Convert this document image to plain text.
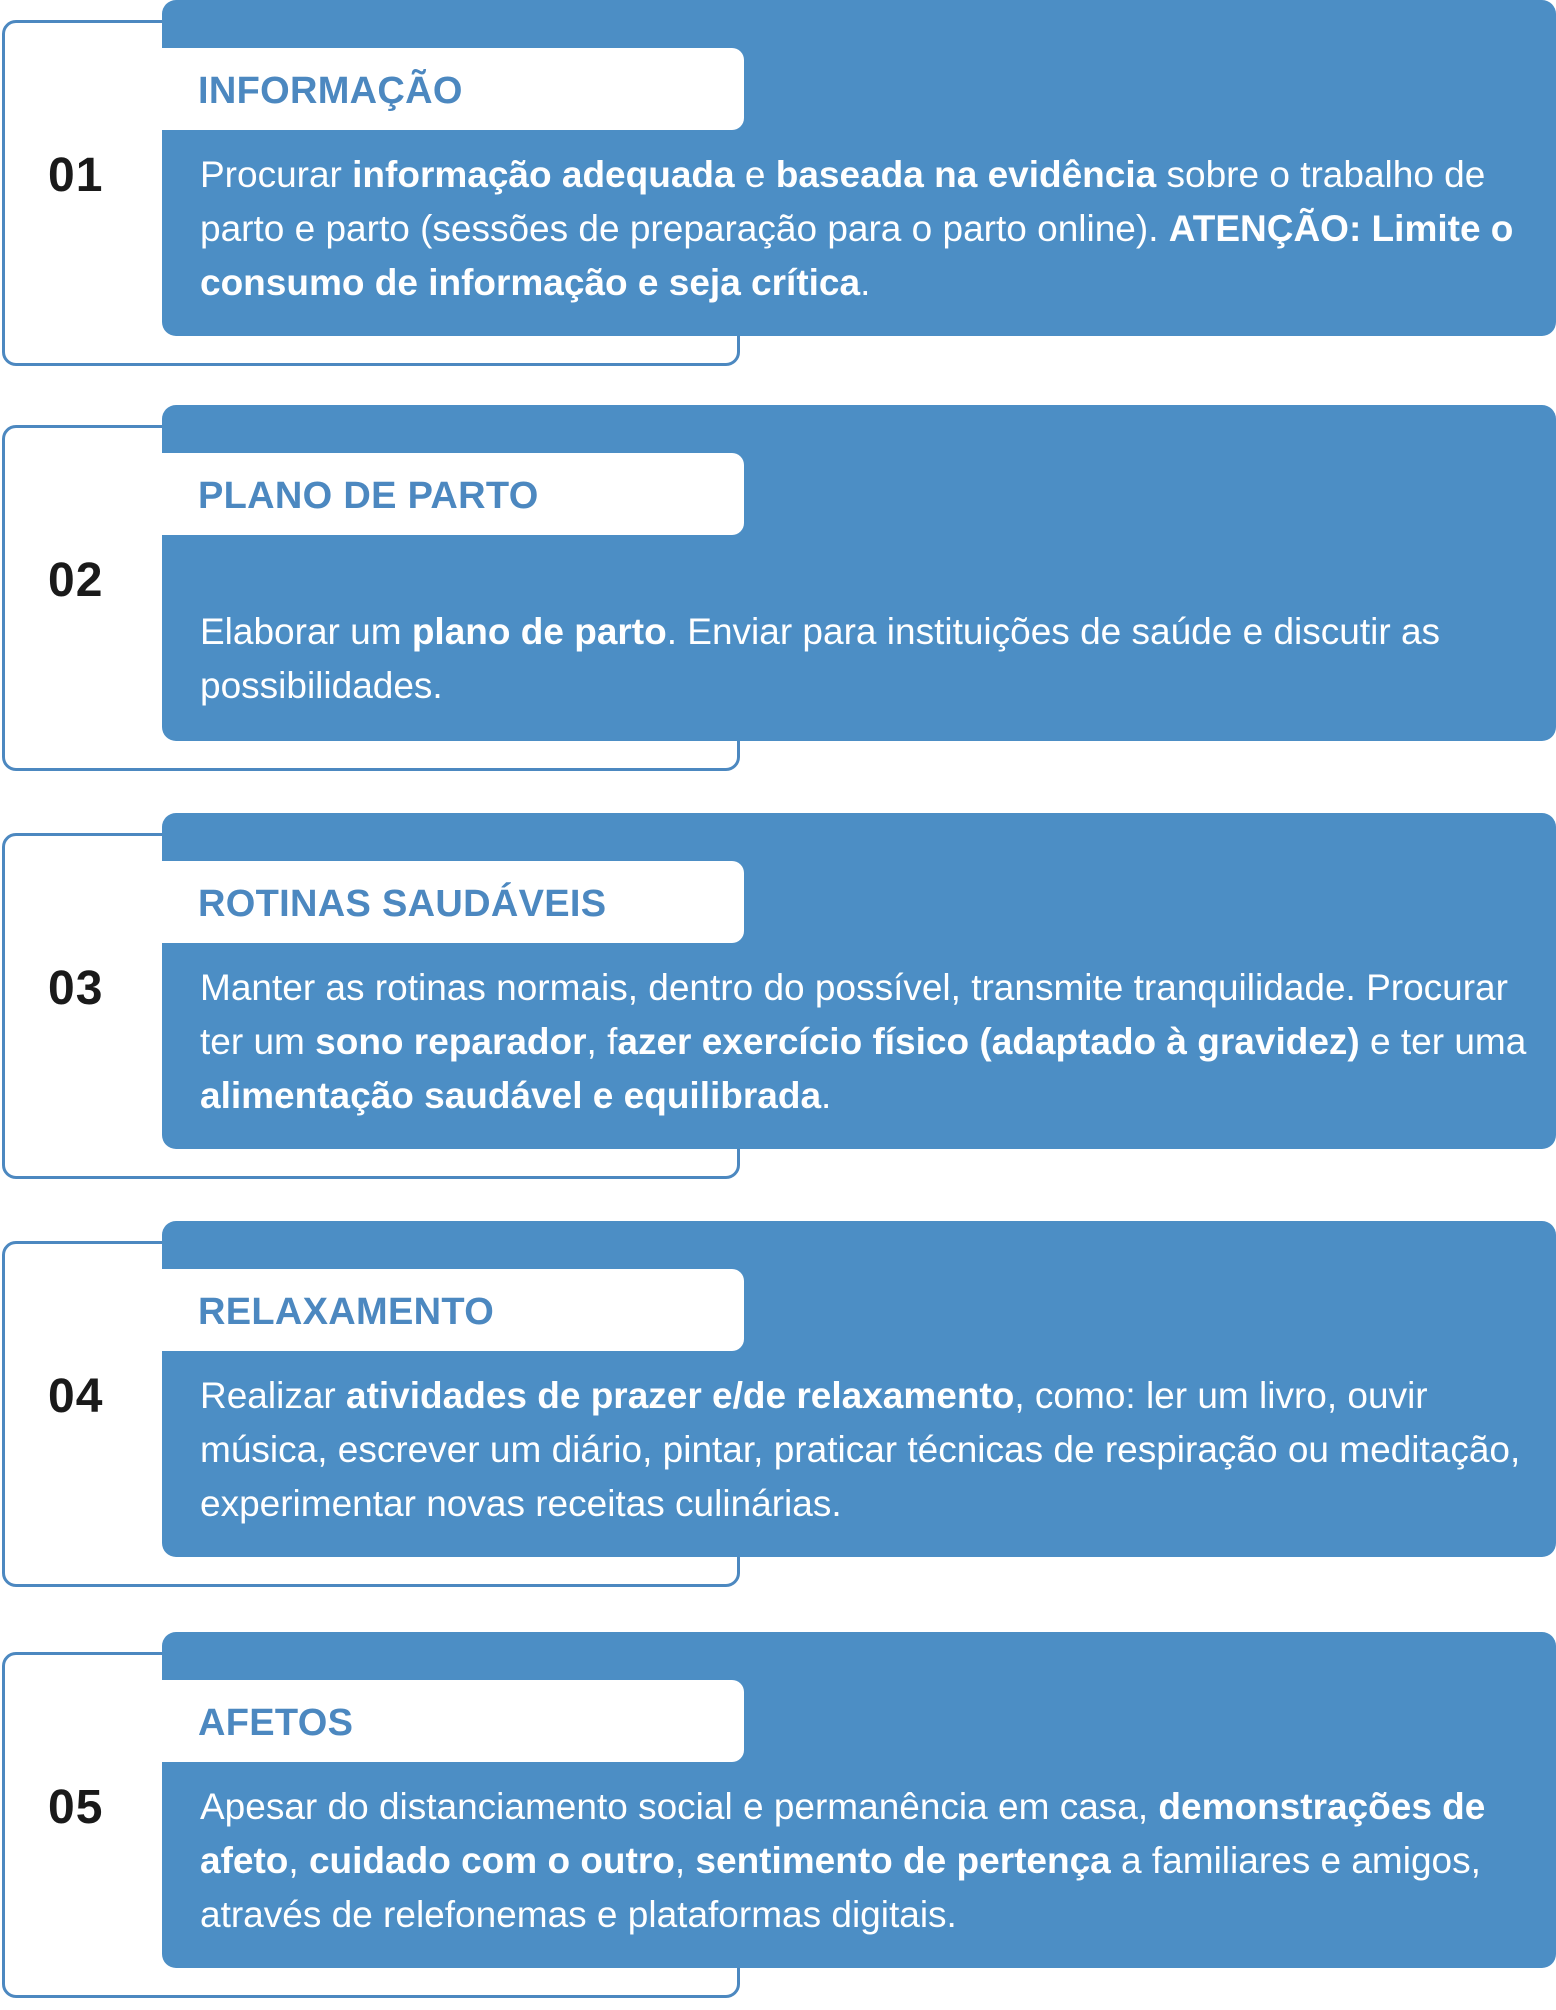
01
INFORMAÇÃO
Procurar informação adequada e baseada na evidência sobre o trabalho de parto e parto (sessões de preparação para o parto online). ATENÇÃO: Limite o consumo de informação e seja crítica.
02
PLANO DE PARTO
Elaborar um plano de parto. Enviar para instituições de saúde e discutir as possibilidades.
03
ROTINAS SAUDÁVEIS
Manter as rotinas normais, dentro do possível, transmite tranquilidade. Procurar ter um sono reparador, fazer exercício físico (adaptado à gravidez) e ter uma alimentação saudável e equilibrada.
04
RELAXAMENTO
Realizar atividades de prazer e/de relaxamento, como: ler um livro, ouvir música, escrever um diário, pintar, praticar técnicas de respiração ou meditação, experimentar novas receitas culinárias.
05
AFETOS
Apesar do distanciamento social e permanência em casa, demonstrações de afeto, cuidado com o outro, sentimento de pertença a familiares e amigos, através de relefonemas e plataformas digitais.
